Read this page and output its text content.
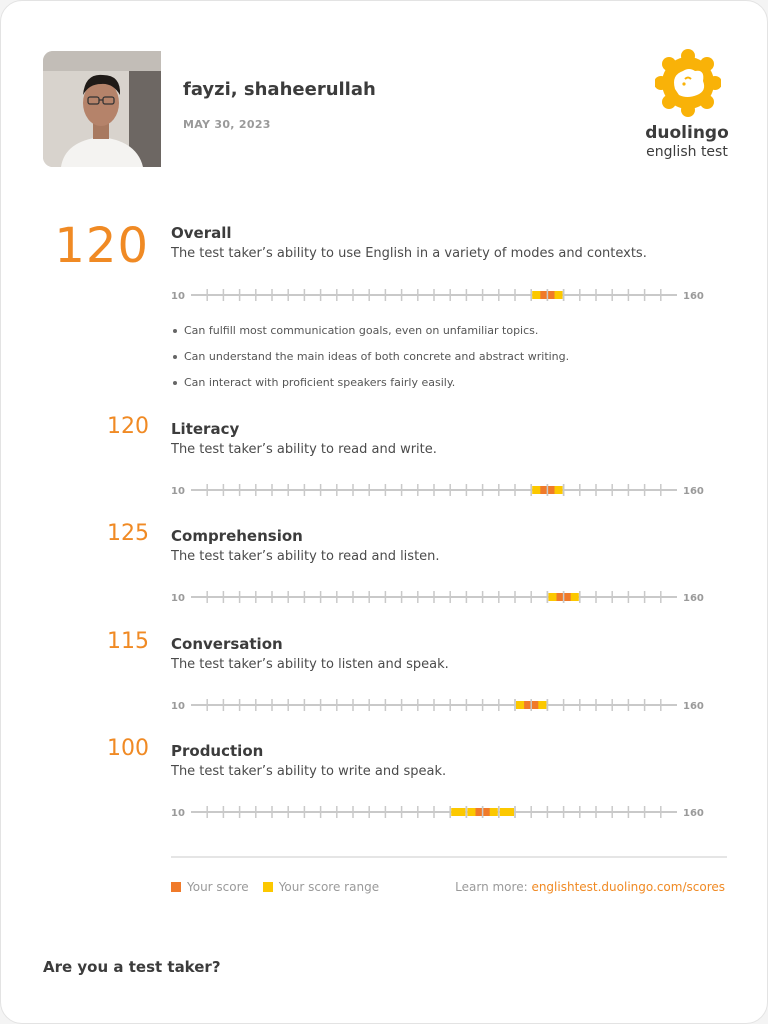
fayzi, shaheerullah
MAY 30, 2023	duolingo
english test
120 Overall
The test taker’s ability to use English in a variety of modes and contexts.
10	160
Can fulfill most communication goals, even on unfamiliar topics.
Can understand the main ideas of both concrete and abstract writing.
Can interact with proficient speakers fairly easily.
120 Literacy
The test taker’s ability to read and write.
10	160
125 Comprehension
The test taker’s ability to read and listen.
10	160
115 Conversation
The test taker’s ability to listen and speak.
10	160
100 Production
The test taker’s ability to write and speak.
10	160
Your score	Your score range	Learn more: englishtest.duolingo.com/scores
Are you a test taker?
